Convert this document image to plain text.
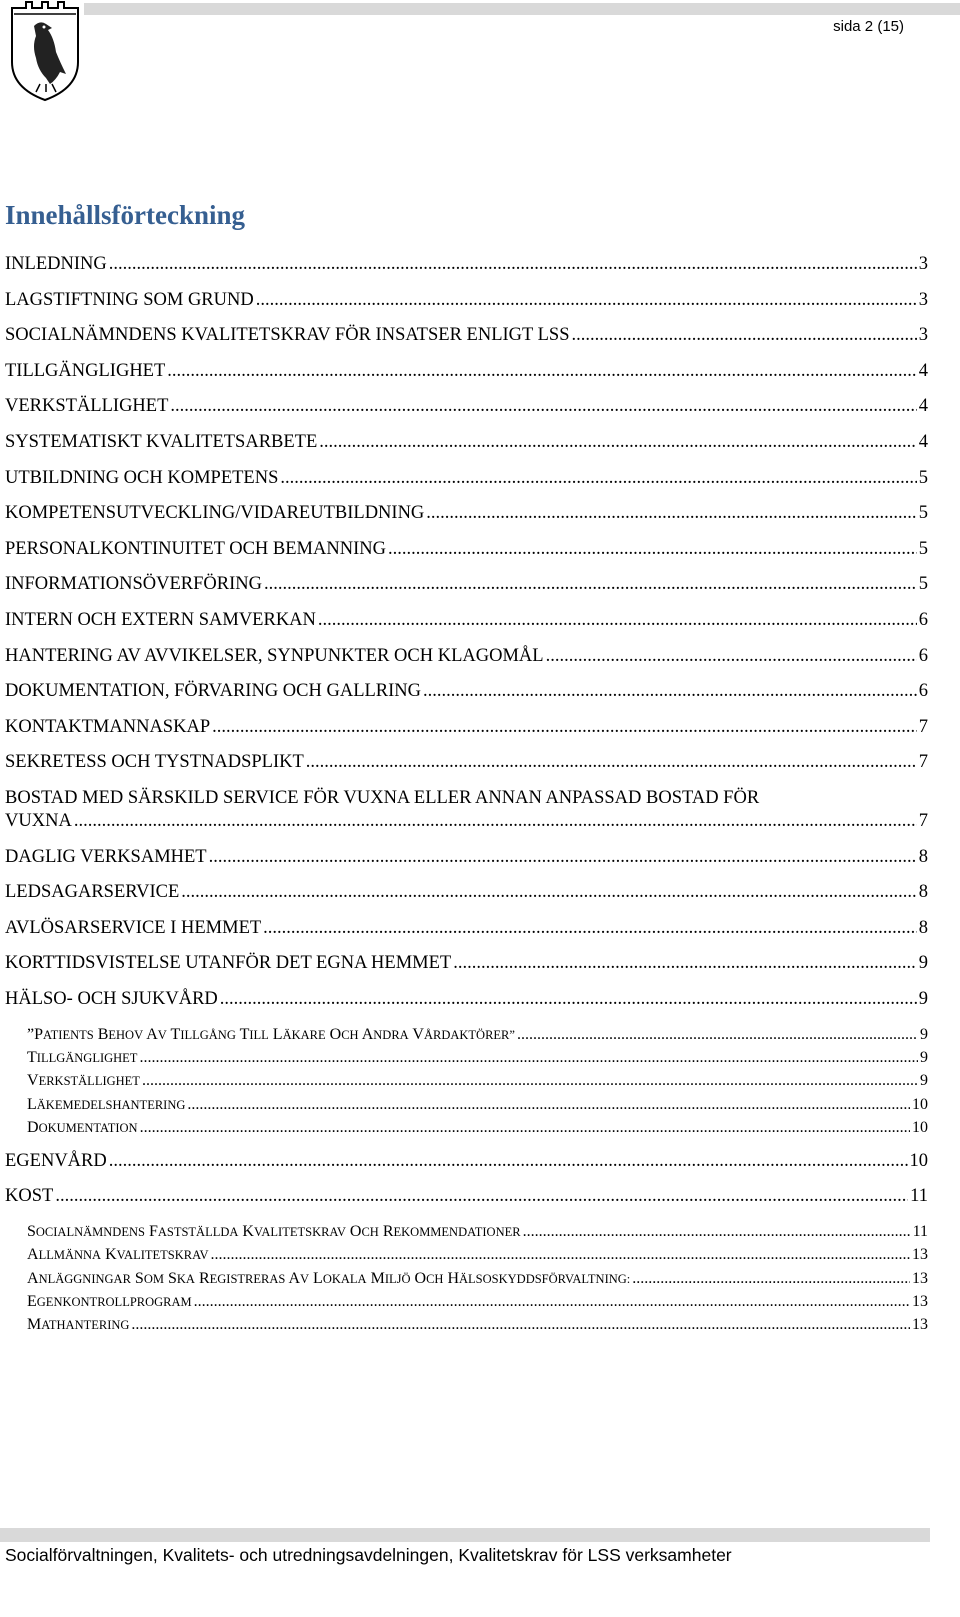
sida 2 (15)
Innehållsförteckning
INLEDNING .....	3
LAGSTIFTNING SOM GRUND .....	3
SOCIALNÄMNDENS KVALITETSKRAV FÖR INSATSER ENLIGT LSS .....	3
TILLGÄNGLIGHET .....	4
VERKSTÄLLIGHET .....	4
SYSTEMATISKT KVALITETSARBETE .....	4
UTBILDNING OCH KOMPETENS .....	5
KOMPETENSUTVECKLING/VIDAREUTBILDNING .....	5
PERSONALKONTINUITET OCH BEMANNING .....	5
INFORMATIONSÖVERFÖRING .....	5
INTERN OCH EXTERN SAMVERKAN .....	6
HANTERING AV AVVIKELSER, SYNPUNKTER OCH KLAGOMÅL .....	6
DOKUMENTATION, FÖRVARING OCH GALLRING .....	6
KONTAKTMANNASKAP .....	7
SEKRETESS OCH TYSTNADSPLIKT .....	7
BOSTAD MED SÄRSKILD SERVICE FÖR VUXNA ELLER ANNAN ANPASSAD BOSTAD FÖR
VUXNA .....	7
DAGLIG VERKSAMHET .....	8
LEDSAGARSERVICE .....	8
AVLÖSARSERVICE I HEMMET .....	8
KORTTIDSVISTELSE UTANFÖR DET EGNA HEMMET .....	9
HÄLSO- OCH SJUKVÅRD .....	9
”PATIENTS BEHOV AV TILLGÅNG TILL LÄKARE OCH ANDRA VÅRDAKTÖRER” .....	9
TILLGÄNGLIGHET .....	9
VERKSTÄLLIGHET .....	9
LÄKEMEDELSHANTERING .....	10
DOKUMENTATION .....	10
EGENVÅRD .....	10
KOST .....	11
SOCIALNÄMNDENS FASTSTÄLLDA KVALITETSKRAV OCH REKOMMENDATIONER .....	11
ALLMÄNNA KVALITETSKRAV .....	13
ANLÄGGNINGAR SOM SKA REGISTRERAS AV LOKALA MILJÖ OCH HÄLSOSKYDDSFÖRVALTNING: .....	13
EGENKONTROLLPROGRAM .....	13
MATHANTERING .....	13
Socialförvaltningen, Kvalitets- och utredningsavdelningen, Kvalitetskrav för LSS verksamheter
